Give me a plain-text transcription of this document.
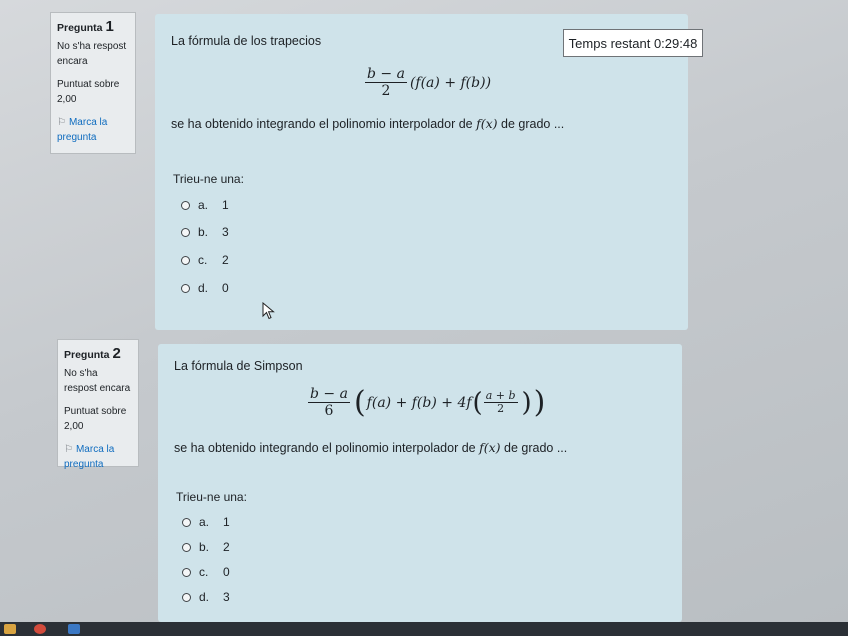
Pregunta 1
No s'ha respost encara
Puntuat sobre
2,00
⚐ Marca la pregunta
La fórmula de los trapecios
$\frac{b - a}{2} (f(a) + f(b))$
se ha obtenido integrando el polinomio interpolador de f(x) de grado ...
Trieu-ne una:
a.	1
b.	3
c.	2
d.	0
Temps restant
0:29:48
Pregunta 2
No s'ha respost encara
Puntuat sobre
2,00
⚐ Marca la pregunta
La fórmula de Simpson
$\frac{b - a}{6}$ ( f(a) + f(b) + 4f ( $\frac{a + b}{2}$ ) )
se ha obtenido integrando el polinomio interpolador de f(x) de grado ...
Trieu-ne una:
a.	1
b.	2
c.	0
d.	3
